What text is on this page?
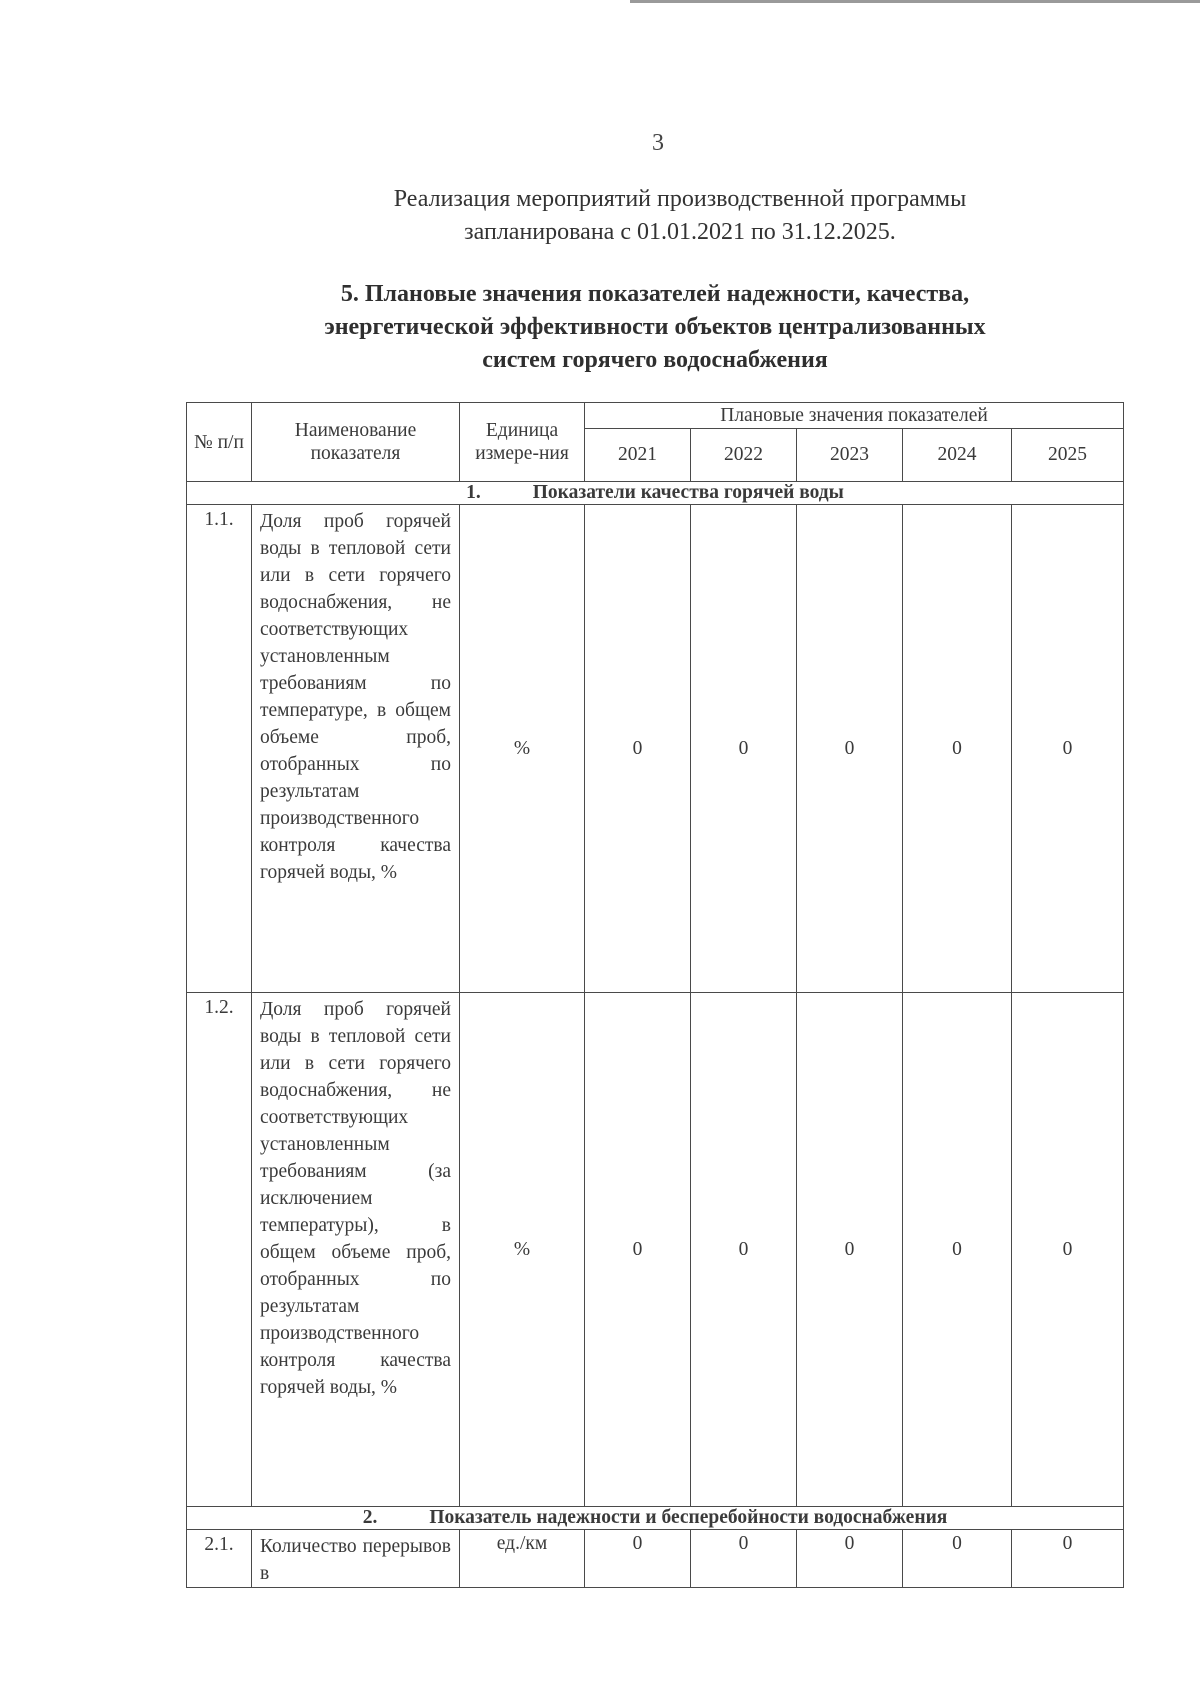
3
Реализация мероприятий производственной программы
запланирована с 01.01.2021 по 31.12.2025.
5. Плановые значения показателей надежности, качества,
энергетической эффективности объектов централизованных
систем горячего водоснабжения
№ п/п	Наименование показателя	Единица измере-ния	Плановые значения показателей				
			2021	2022	2023	2024	2025
1. Показатели качества горячей воды							
1.1.	Доля проб горячей воды в тепловой сети или в сети горячего водоснабжения, не соответствующих установленным требованиям по температуре, в общем объеме проб, отобранных по результатам производственного контроля качества горячей воды, %	%	0	0	0	0	0
1.2.	Доля проб горячей воды в тепловой сети или в сети горячего водоснабжения, не соответствующих установленным требованиям (за исключением температуры), в общем объеме проб, отобранных по результатам производственного контроля качества горячей воды, %	%	0	0	0	0	0
2. Показатель надежности и бесперебойности водоснабжения							
2.1.	Количество перерывов в	ед./км	0	0	0	0	0
